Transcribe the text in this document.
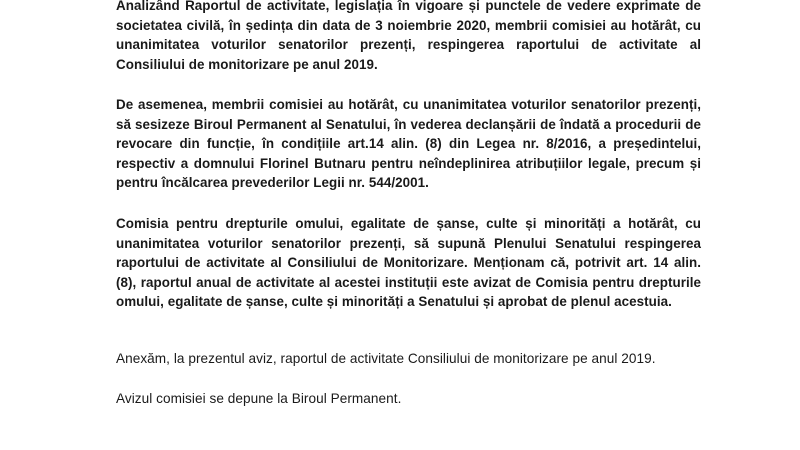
Analizând Raportul de activitate, legislația în vigoare și punctele de vedere exprimate de societatea civilă, în ședința din data de 3 noiembrie 2020, membrii comisiei au hotărât, cu unanimitatea voturilor senatorilor prezenți, respingerea raportului de activitate al Consiliului de monitorizare pe anul 2019.

De asemenea, membrii comisiei au hotărât, cu unanimitatea voturilor senatorilor prezenți, să sesizeze Biroul Permanent al Senatului, în vederea declanșării de îndată a procedurii de revocare din funcție, în condițiile art.14 alin. (8) din Legea nr. 8/2016, a președintelui, respectiv a domnului Florinel Butnaru pentru neîndeplinirea atribuțiilor legale, precum și pentru încălcarea prevederilor Legii nr. 544/2001.

Comisia pentru drepturile omului, egalitate de șanse, culte și minorități a hotărât, cu unanimitatea voturilor senatorilor prezenți, să supună Plenului Senatului respingerea raportului de activitate al Consiliului de Monitorizare. Menționam că, potrivit art. 14 alin. (8), raportul anual de activitate al acestei instituții este avizat de Comisia pentru drepturile omului, egalitate de șanse, culte și minorități a Senatului și aprobat de plenul acestuia.

Anexăm, la prezentul aviz, raportul de activitate Consiliului de monitorizare pe anul 2019.

Avizul comisiei se depune la Biroul Permanent.
